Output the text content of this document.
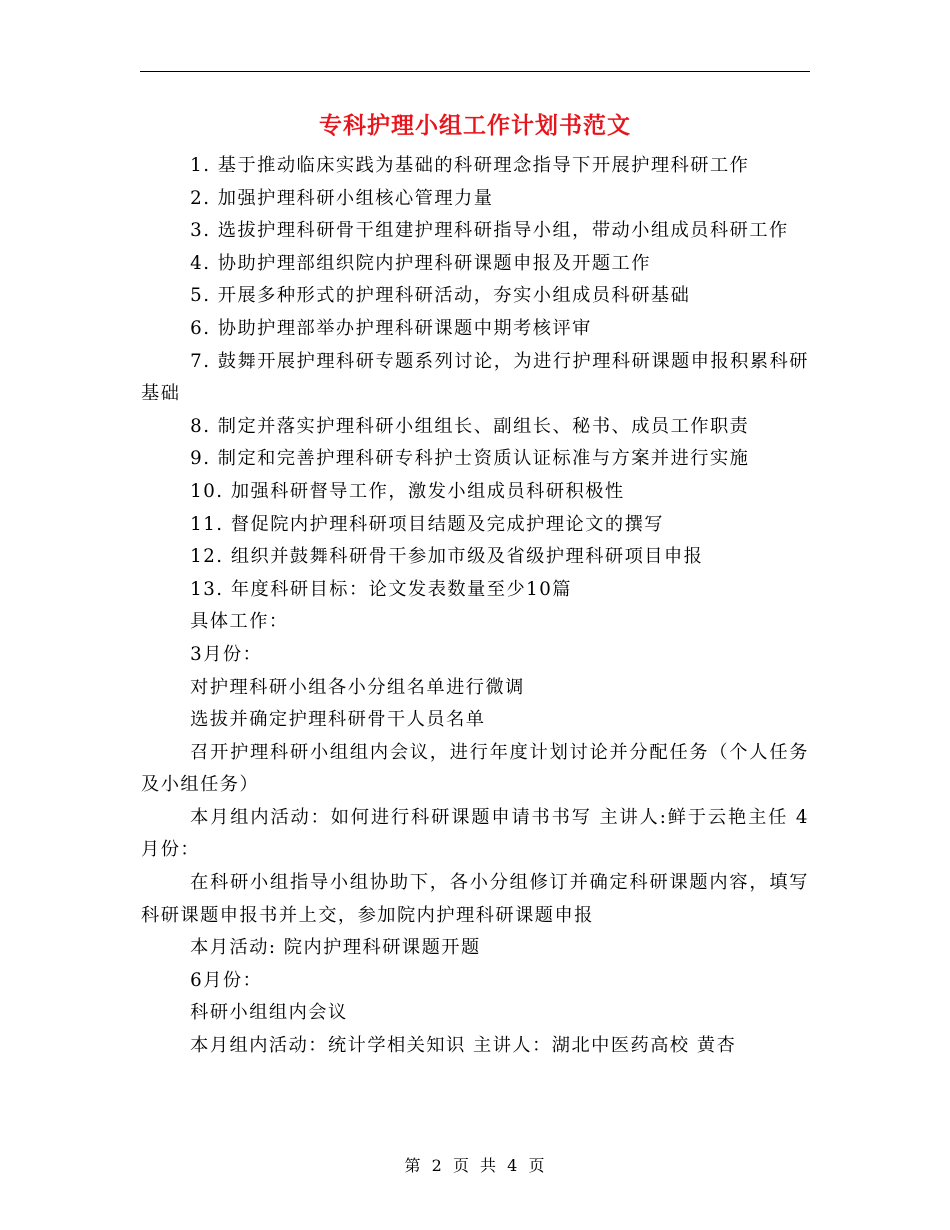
专科护理小组工作计划书范文

1. 基于推动临床实践为基础的科研理念指导下开展护理科研工作

2. 加强护理科研小组核心管理力量

3. 选拔护理科研骨干组建护理科研指导小组，带动小组成员科研工作

4. 协助护理部组织院内护理科研课题申报及开题工作

5. 开展多种形式的护理科研活动，夯实小组成员科研基础

6. 协助护理部举办护理科研课题中期考核评审

7. 鼓舞开展护理科研专题系列讨论，为进行护理科研课题申报积累科研基础

8. 制定并落实护理科研小组组长、副组长、秘书、成员工作职责

9. 制定和完善护理科研专科护士资质认证标准与方案并进行实施

10. 加强科研督导工作，激发小组成员科研积极性

11. 督促院内护理科研项目结题及完成护理论文的撰写

12. 组织并鼓舞科研骨干参加市级及省级护理科研项目申报

13. 年度科研目标：论文发表数量至少10篇

具体工作：

3月份：

对护理科研小组各小分组名单进行微调

选拔并确定护理科研骨干人员名单

召开护理科研小组组内会议，进行年度计划讨论并分配任务（个人任务及小组任务）

本月组内活动：如何进行科研课题申请书书写 主讲人:鲜于云艳主任 4月份：

在科研小组指导小组协助下，各小分组修订并确定科研课题内容，填写科研课题申报书并上交，参加院内护理科研课题申报

本月活动: 院内护理科研课题开题

6月份：

科研小组组内会议

本月组内活动：统计学相关知识 主讲人：湖北中医药高校 黄杏

第 2 页 共 4 页
